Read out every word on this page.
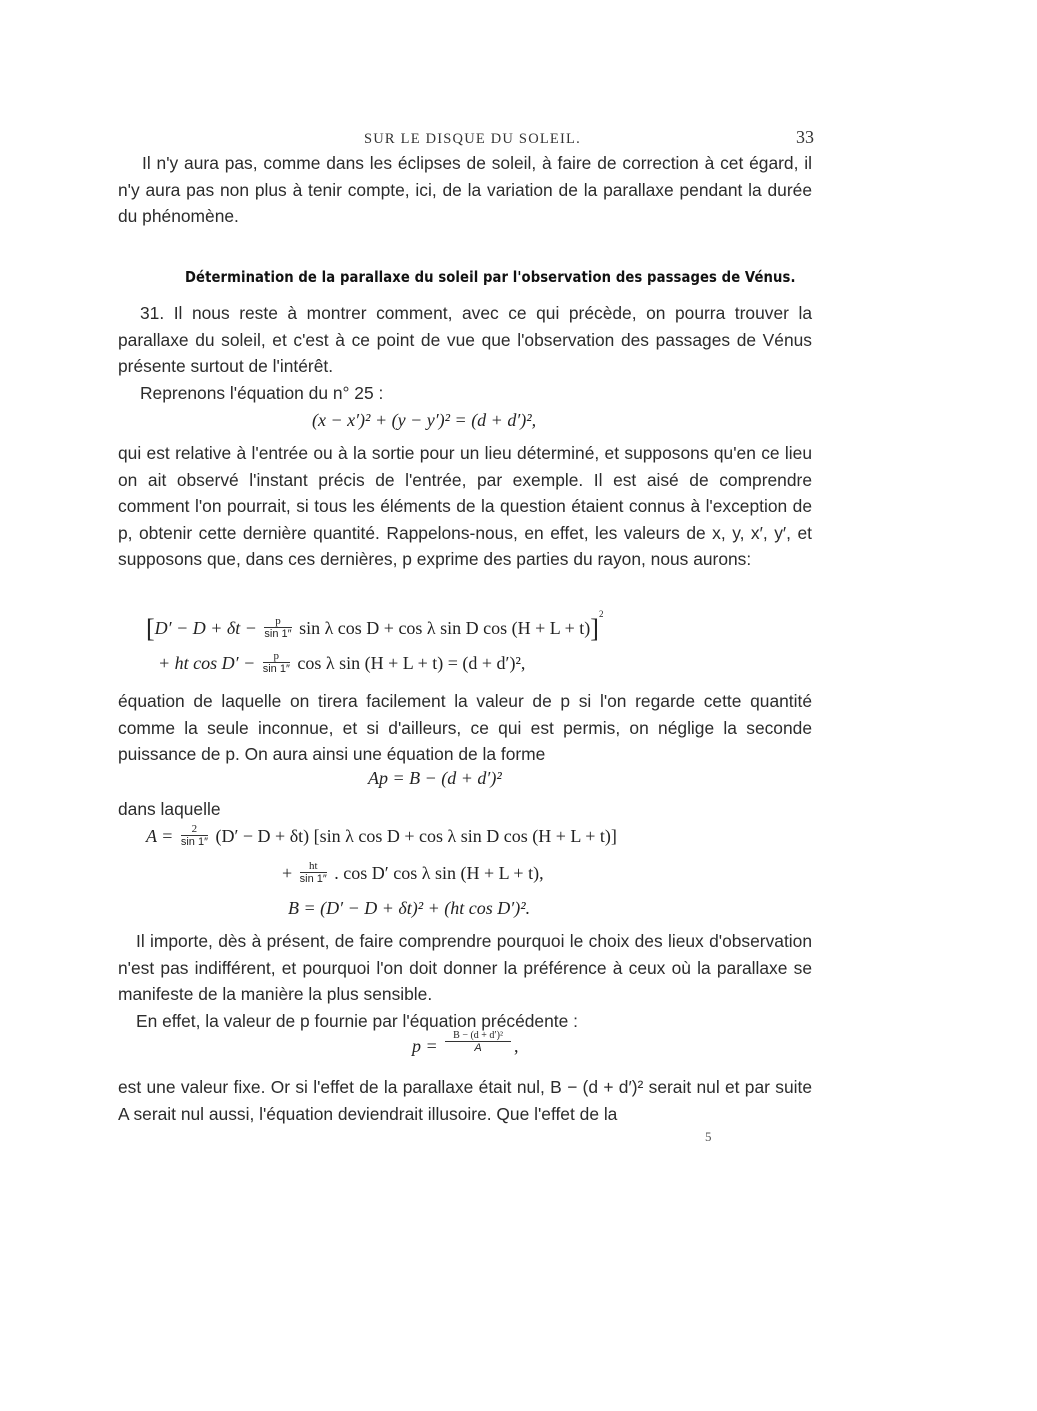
SUR LE DISQUE DU SOLEIL.	33
Il n'y aura pas, comme dans les éclipses de soleil, à faire de correction à cet égard, il n'y aura pas non plus à tenir compte, ici, de la variation de la parallaxe pendant la durée du phénomène.
Détermination de la parallaxe du soleil par l'observation des passages de Vénus.
31. Il nous reste à montrer comment, avec ce qui précède, on pourra trouver la parallaxe du soleil, et c'est à ce point de vue que l'observation des passages de Vénus présente surtout de l'intérêt.
Reprenons l'équation du n° 25 :
(x − x′)² + (y − y′)² = (d + d′)²,
qui est relative à l'entrée ou à la sortie pour un lieu déterminé, et supposons qu'en ce lieu on ait observé l'instant précis de l'entrée, par exemple. Il est aisé de comprendre comment l'on pourrait, si tous les éléments de la question étaient connus à l'exception de p, obtenir cette dernière quantité. Rappelons-nous, en effet, les valeurs de x, y, x′, y′, et supposons que, dans ces dernières, p exprime des parties du rayon, nous aurons:
[$D' - D + \delta t - \frac{p}{\sin 1''}$ sin λ cos D + cos λ sin D cos (H + L + t)]$^2$
+ ht $\cos D' - \frac{p}{\sin 1''}$ cos λ sin (H + L + t) = (d + d′)²,
équation de laquelle on tirera facilement la valeur de p si l'on regarde cette quantité comme la seule inconnue, et si d'ailleurs, ce qui est permis, on néglige la seconde puissance de p. On aura ainsi une équation de la forme
Ap = B − (d + d′)²
dans laquelle
$A = \frac{2}{\sin 1''} (D' - D + \delta t)$ [sin λ cos D + cos λ sin D cos (H + L + t)]
+ $\frac{ht}{\sin 1''}$ . cos D′ cos λ sin (H + L + t),
B = (D′ − D + δt)² + (ht cos D′)².
Il importe, dès à présent, de faire comprendre pourquoi le choix des lieux d'observation n'est pas indifférent, et pourquoi l'on doit donner la préférence à ceux où la parallaxe se manifeste de la manière la plus sensible.
En effet, la valeur de p fournie par l'équation précédente :
$p = \frac{\text{B − (d + d′)²}}{A}$ ,
est une valeur fixe. Or si l'effet de la parallaxe était nul, B − (d + d′)² serait nul et par suite A serait nul aussi, l'équation deviendrait illusoire. Que l'effet de la
5
